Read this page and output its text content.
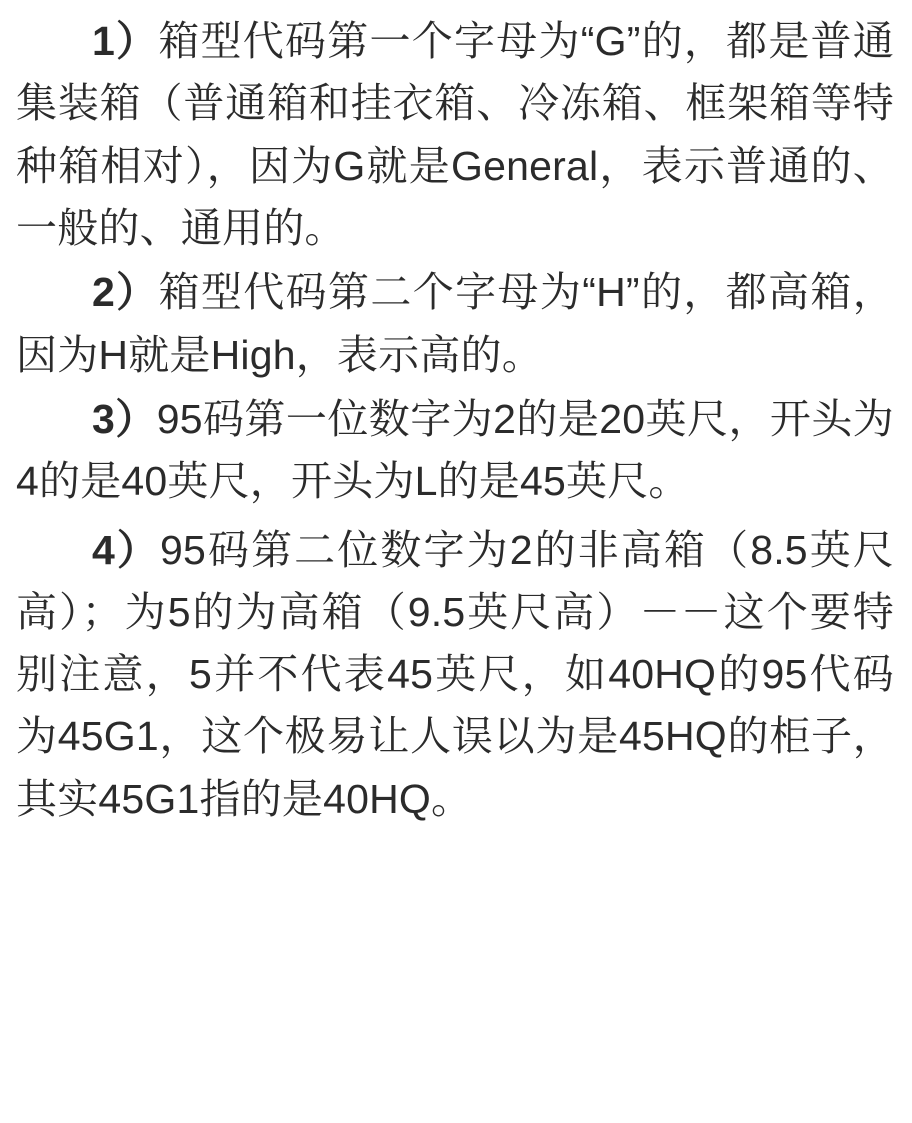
1）箱型代码第一个字母为“G”的，都是普通集装箱（普通箱和挂衣箱、冷冻箱、框架箱等特种箱相对），因为G就是General，表示普通的、一般的、通用的。

2）箱型代码第二个字母为“H”的，都高箱，因为H就是High，表示高的。

3）95码第一位数字为2的是20英尺，开头为4的是40英尺，开头为L的是45英尺。

4）95码第二位数字为2的非高箱（8.5英尺高）；为5的为高箱（9.5英尺高）－－这个要特别注意，5并不代表45英尺，如40HQ的95代码为45G1，这个极易让人误以为是45HQ的柜子，其实45G1指的是40HQ。
